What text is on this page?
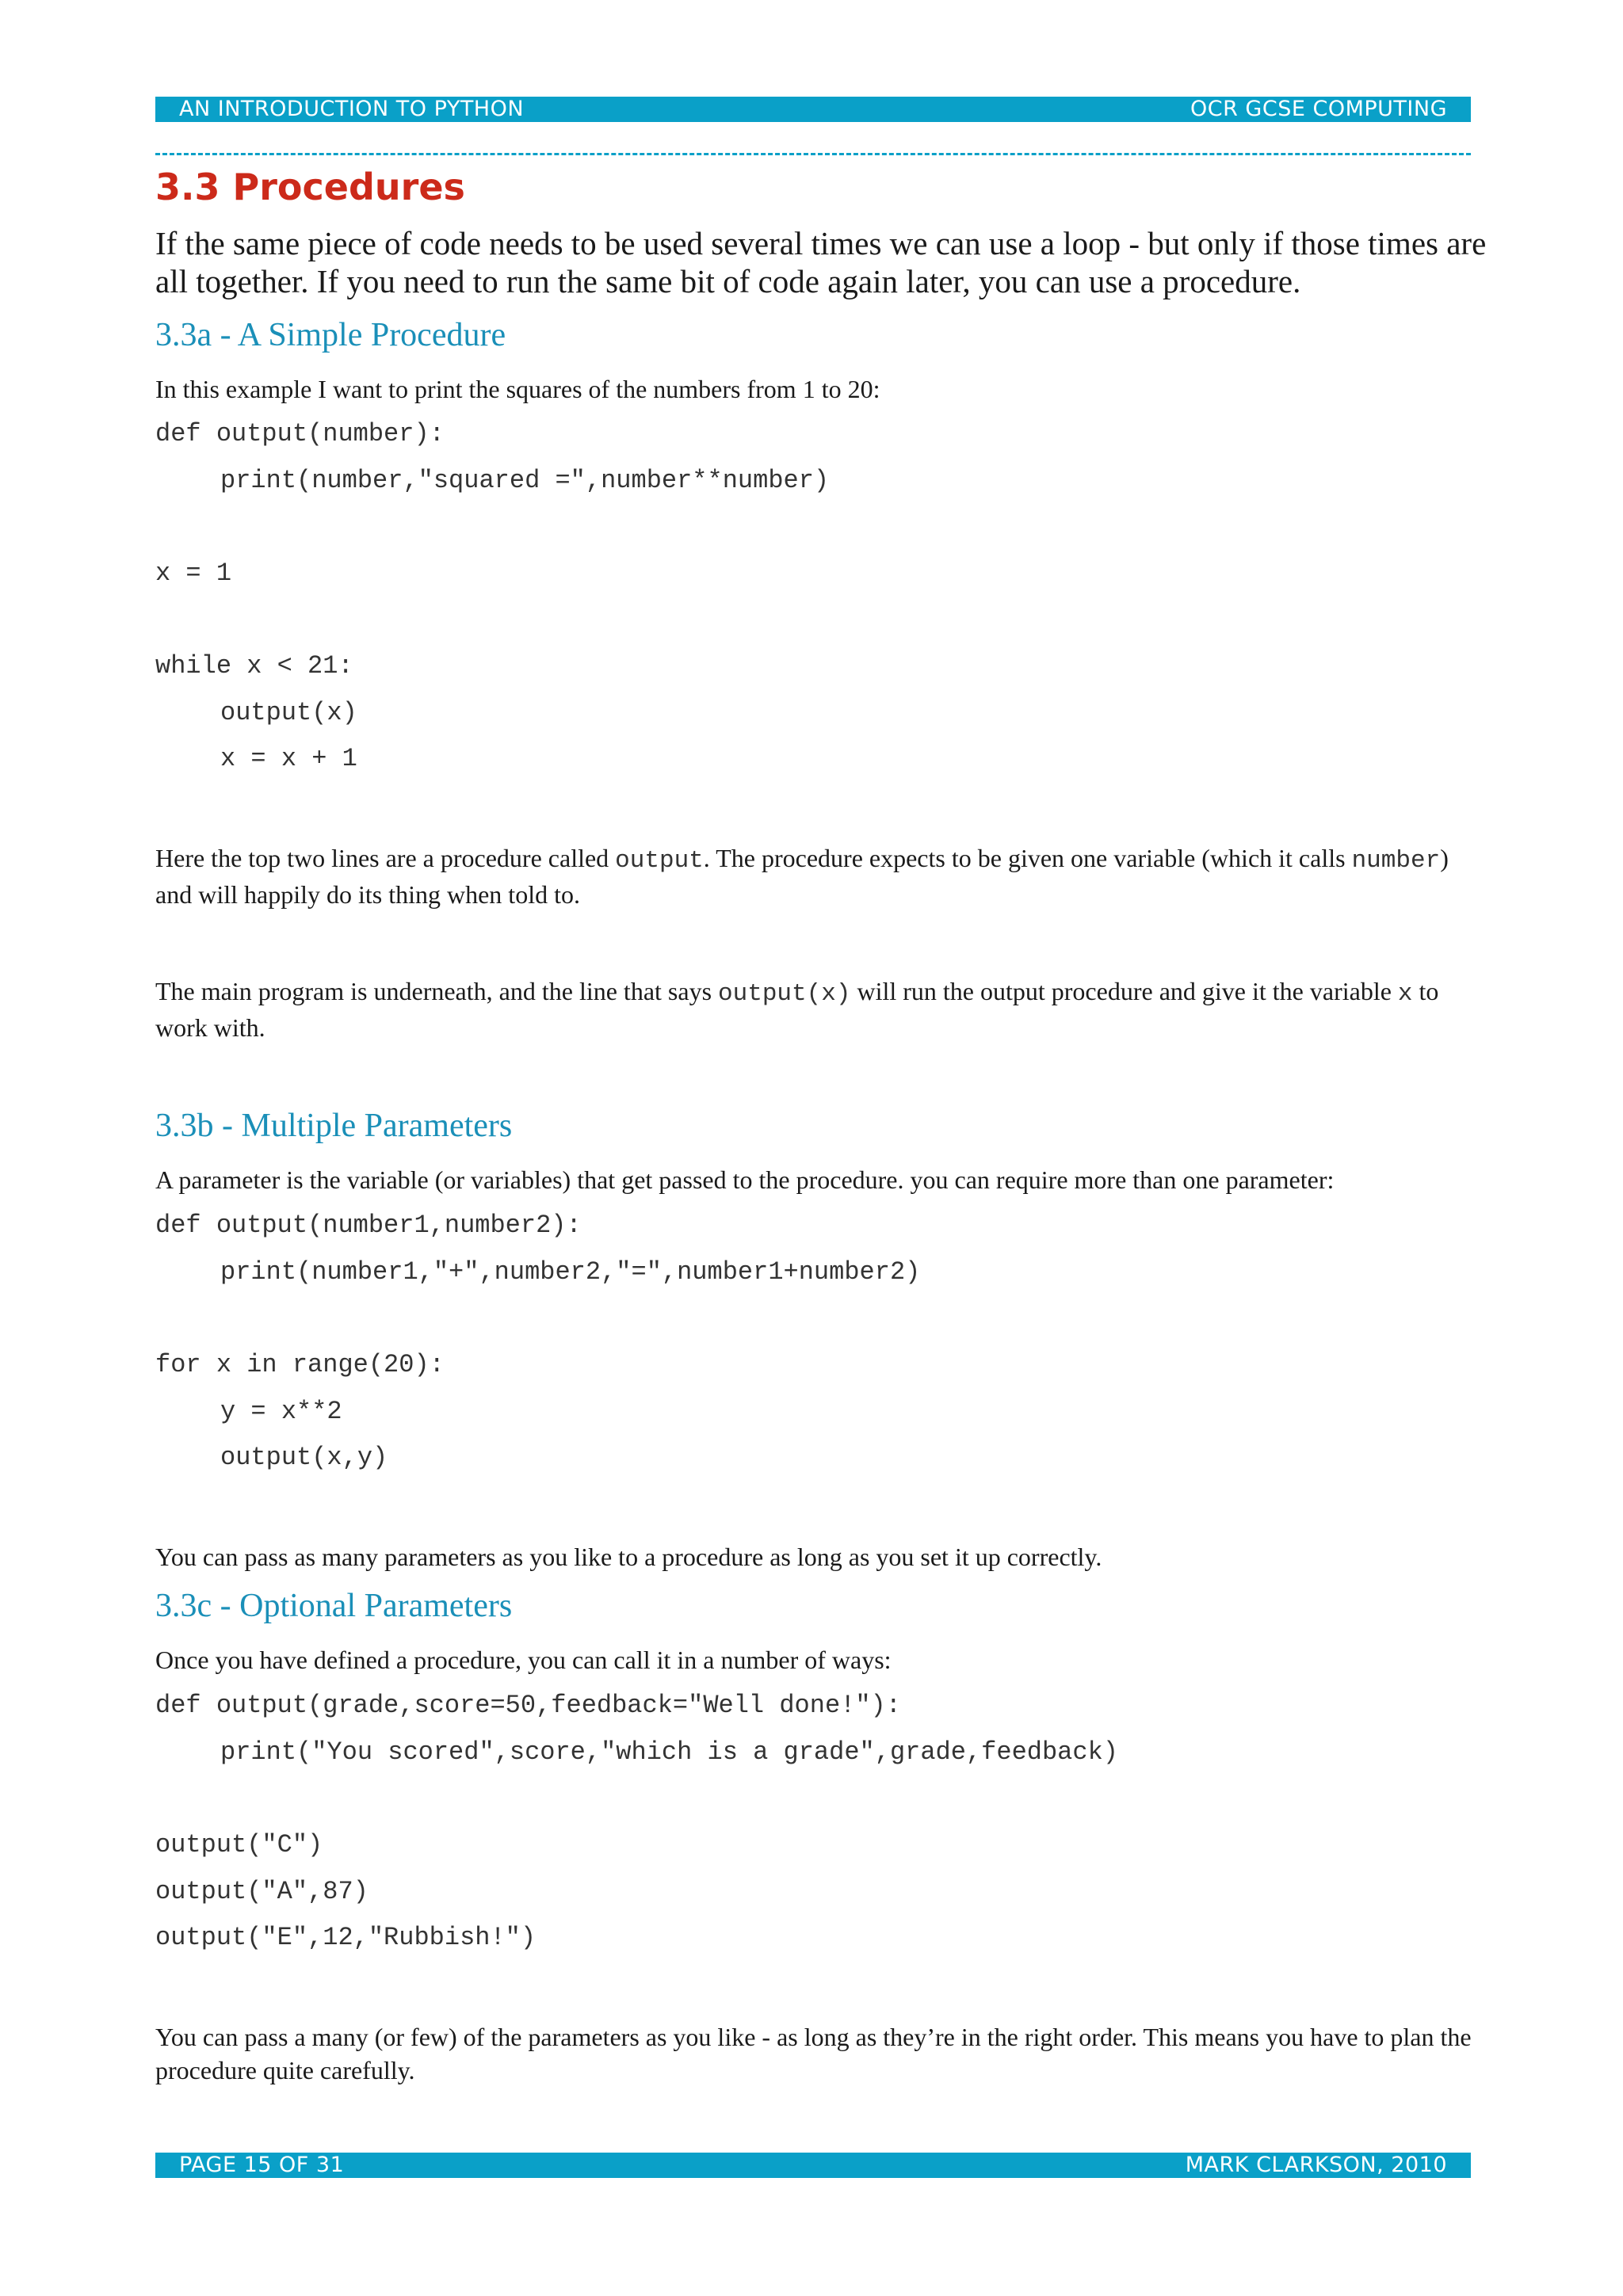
AN INTRODUCTION TO PYTHON	OCR GCSE COMPUTING
3.3 Procedures

If the same piece of code needs to be used several times we can use a loop - but only if those times are all together. If you need to run the same bit of code again later, you can use a procedure.

3.3a - A Simple Procedure

In this example I want to print the squares of the numbers from 1 to 20:

def output(number):
print(number,"squared =",number**number)
x = 1
while x < 21:
output(x)
x = x + 1

Here the top two lines are a procedure called output. The procedure expects to be given one variable (which it calls number) and will happily do its thing when told to.

The main program is underneath, and the line that says output(x) will run the output procedure and give it the variable x to work with.

3.3b - Multiple Parameters

A parameter is the variable (or variables) that get passed to the procedure. you can require more than one parameter:

def output(number1,number2):
print(number1,"+",number2,"=",number1+number2)
for x in range(20):
y = x**2
output(x,y)

You can pass as many parameters as you like to a procedure as long as you set it up correctly.

3.3c - Optional Parameters

Once you have defined a procedure, you can call it in a number of ways:

def output(grade,score=50,feedback="Well done!"):
print("You scored",score,"which is a grade",grade,feedback)
output("C")
output("A",87)
output("E",12,"Rubbish!")

You can pass a many (or few) of the parameters as you like - as long as they’re in the right order. This means you have to plan the procedure quite carefully.

PAGE 15 OF 31	MARK CLARKSON, 2010
